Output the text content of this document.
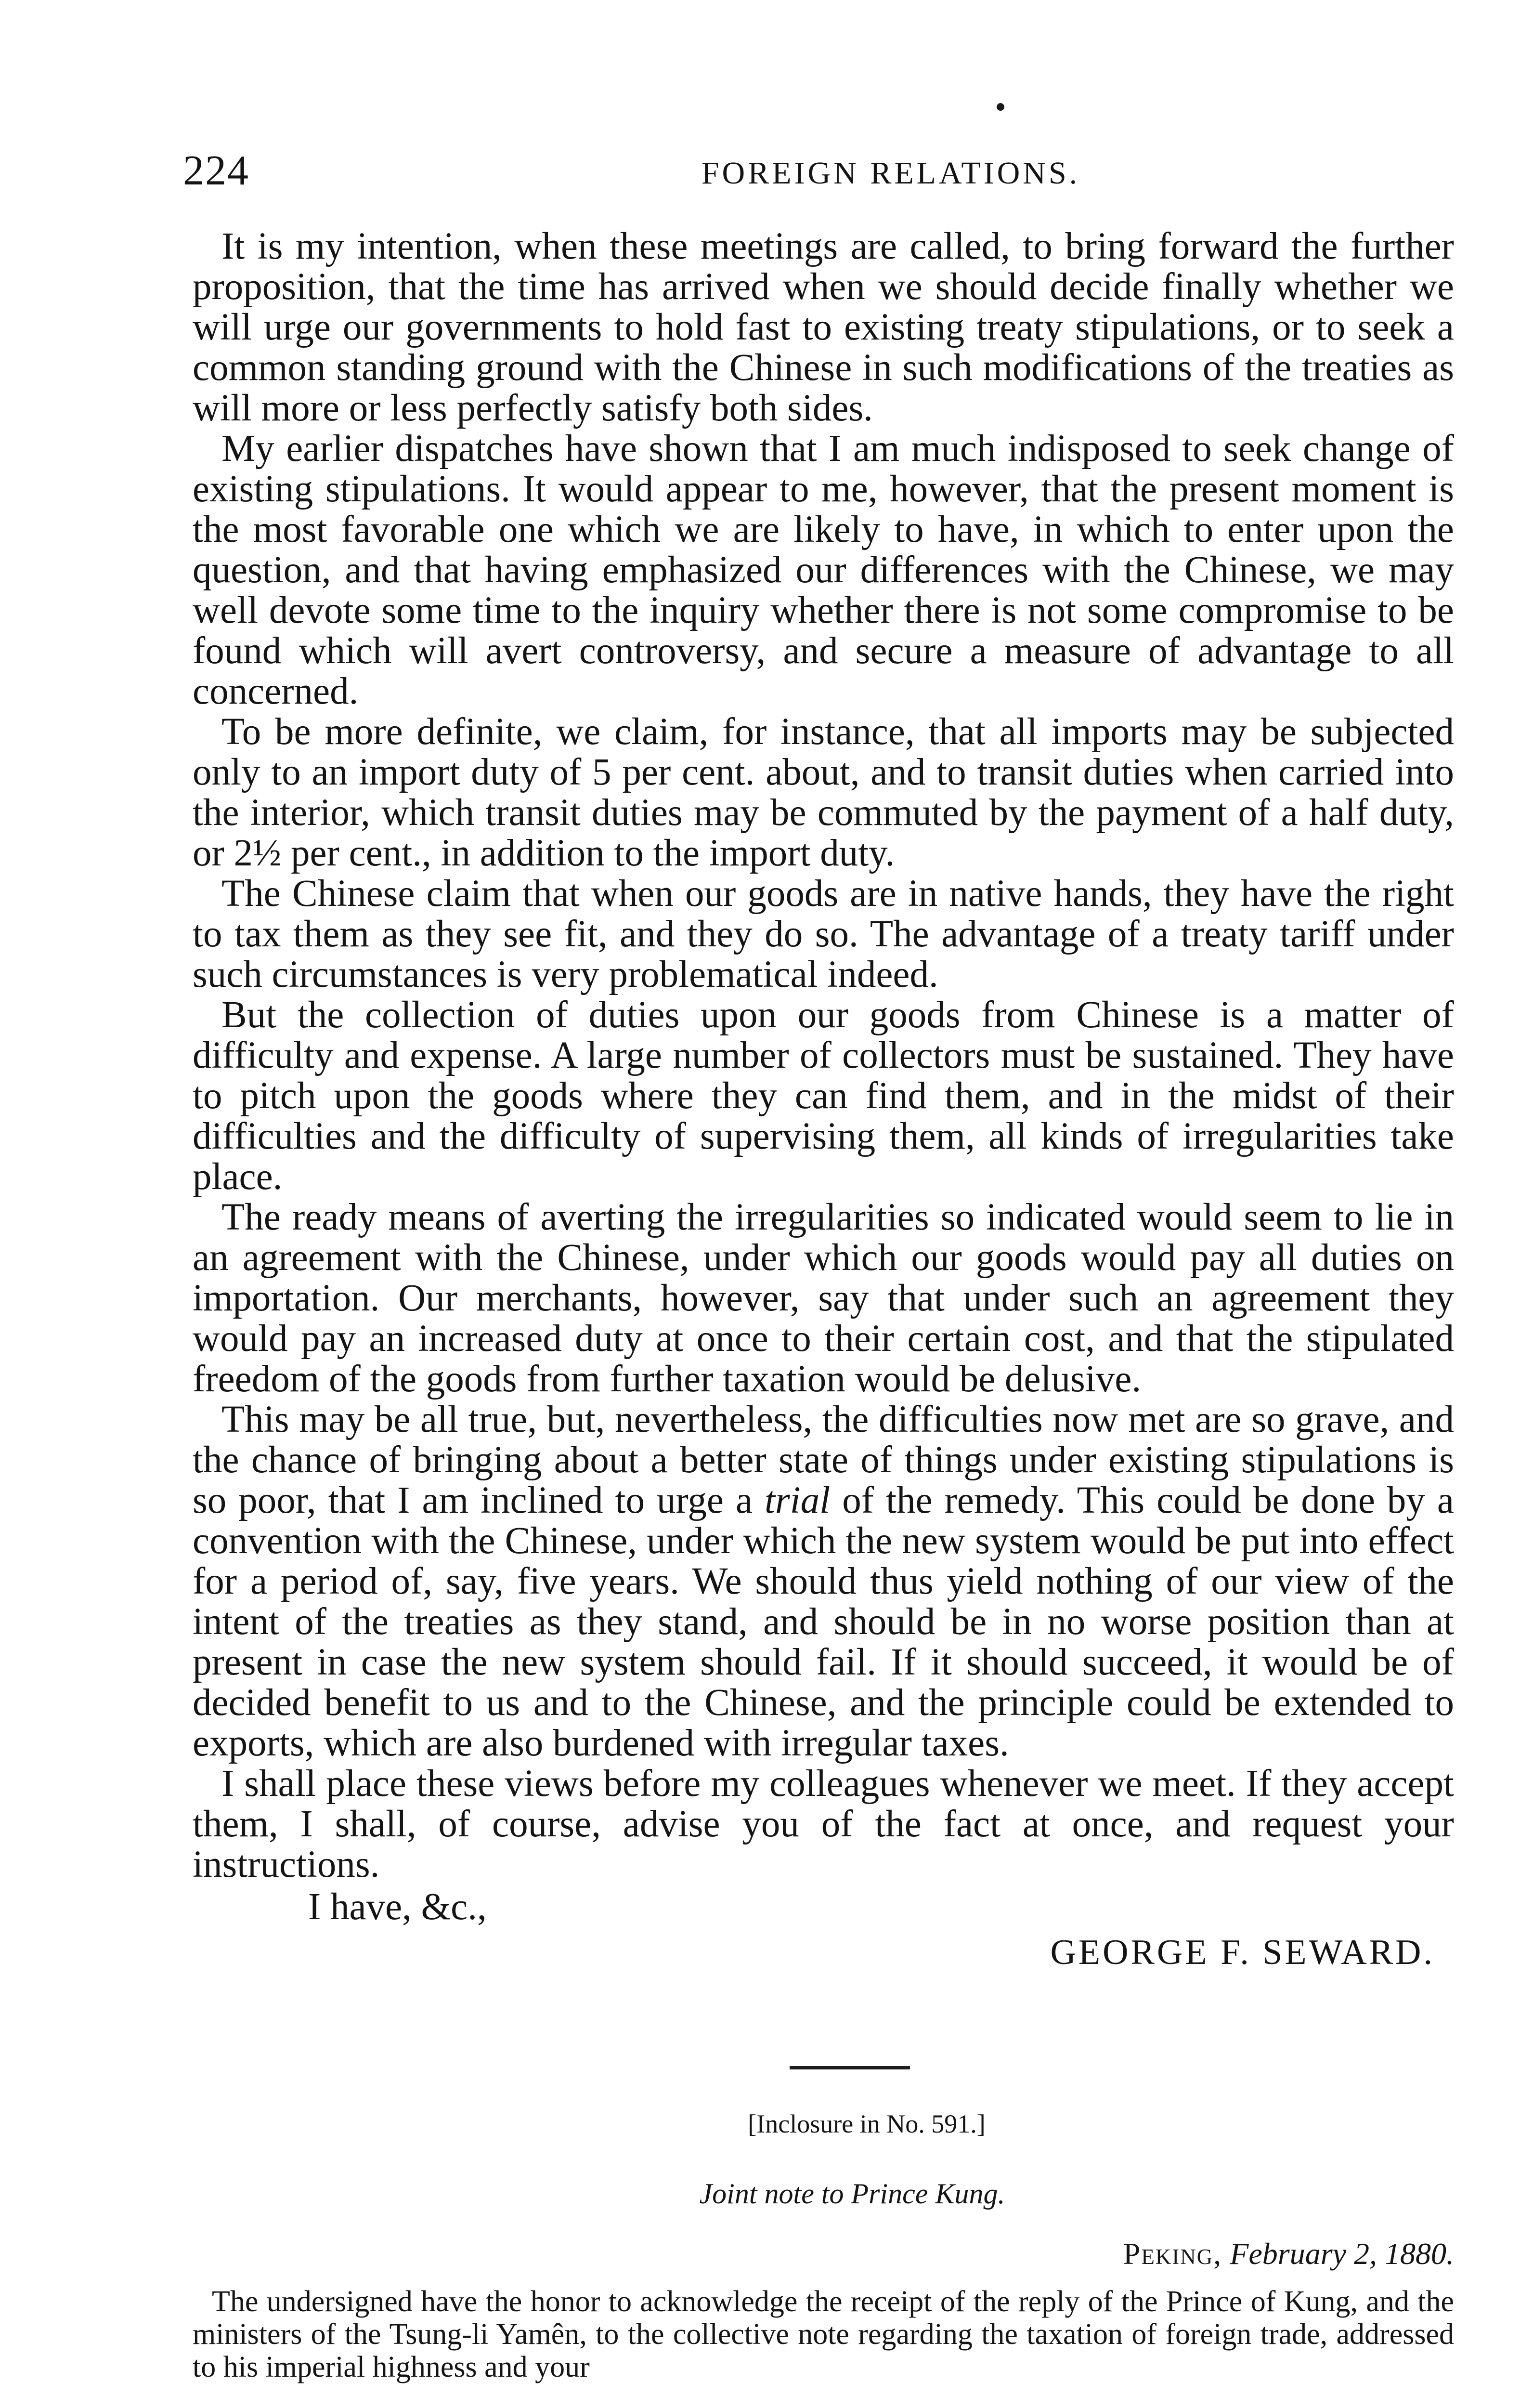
224	FOREIGN RELATIONS.

It is my intention, when these meetings are called, to bring forward the further proposition, that the time has arrived when we should decide finally whether we will urge our governments to hold fast to existing treaty stipulations, or to seek a common standing ground with the Chinese in such modifications of the treaties as will more or less perfectly satisfy both sides.

My earlier dispatches have shown that I am much indisposed to seek change of existing stipulations. It would appear to me, however, that the present moment is the most favorable one which we are likely to have, in which to enter upon the question, and that having emphasized our differences with the Chinese, we may well devote some time to the inquiry whether there is not some compromise to be found which will avert controversy, and secure a measure of advantage to all concerned.

To be more definite, we claim, for instance, that all imports may be subjected only to an import duty of 5 per cent. about, and to transit duties when carried into the interior, which transit duties may be commuted by the payment of a half duty, or 2½ per cent., in addition to the import duty.

The Chinese claim that when our goods are in native hands, they have the right to tax them as they see fit, and they do so. The advantage of a treaty tariff under such circumstances is very problematical indeed.

But the collection of duties upon our goods from Chinese is a matter of difficulty and expense. A large number of collectors must be sustained. They have to pitch upon the goods where they can find them, and in the midst of their difficulties and the difficulty of supervising them, all kinds of irregularities take place.

The ready means of averting the irregularities so indicated would seem to lie in an agreement with the Chinese, under which our goods would pay all duties on importation. Our merchants, however, say that under such an agreement they would pay an increased duty at once to their certain cost, and that the stipulated freedom of the goods from further taxation would be delusive.

This may be all true, but, nevertheless, the difficulties now met are so grave, and the chance of bringing about a better state of things under existing stipulations is so poor, that I am inclined to urge a trial of the remedy. This could be done by a convention with the Chinese, under which the new system would be put into effect for a period of, say, five years. We should thus yield nothing of our view of the intent of the treaties as they stand, and should be in no worse position than at present in case the new system should fail. If it should succeed, it would be of decided benefit to us and to the Chinese, and the principle could be extended to exports, which are also burdened with irregular taxes.

I shall place these views before my colleagues whenever we meet. If they accept them, I shall, of course, advise you of the fact at once, and request your instructions.

I have, &c.,
GEORGE F. SEWARD.
[Inclosure in No. 591.]
Joint note to Prince Kung.
Peking, February 2, 1880.

The undersigned have the honor to acknowledge the receipt of the reply of the Prince of Kung, and the ministers of the Tsung-li Yamên, to the collective note regarding the taxation of foreign trade, addressed to his imperial highness and your
